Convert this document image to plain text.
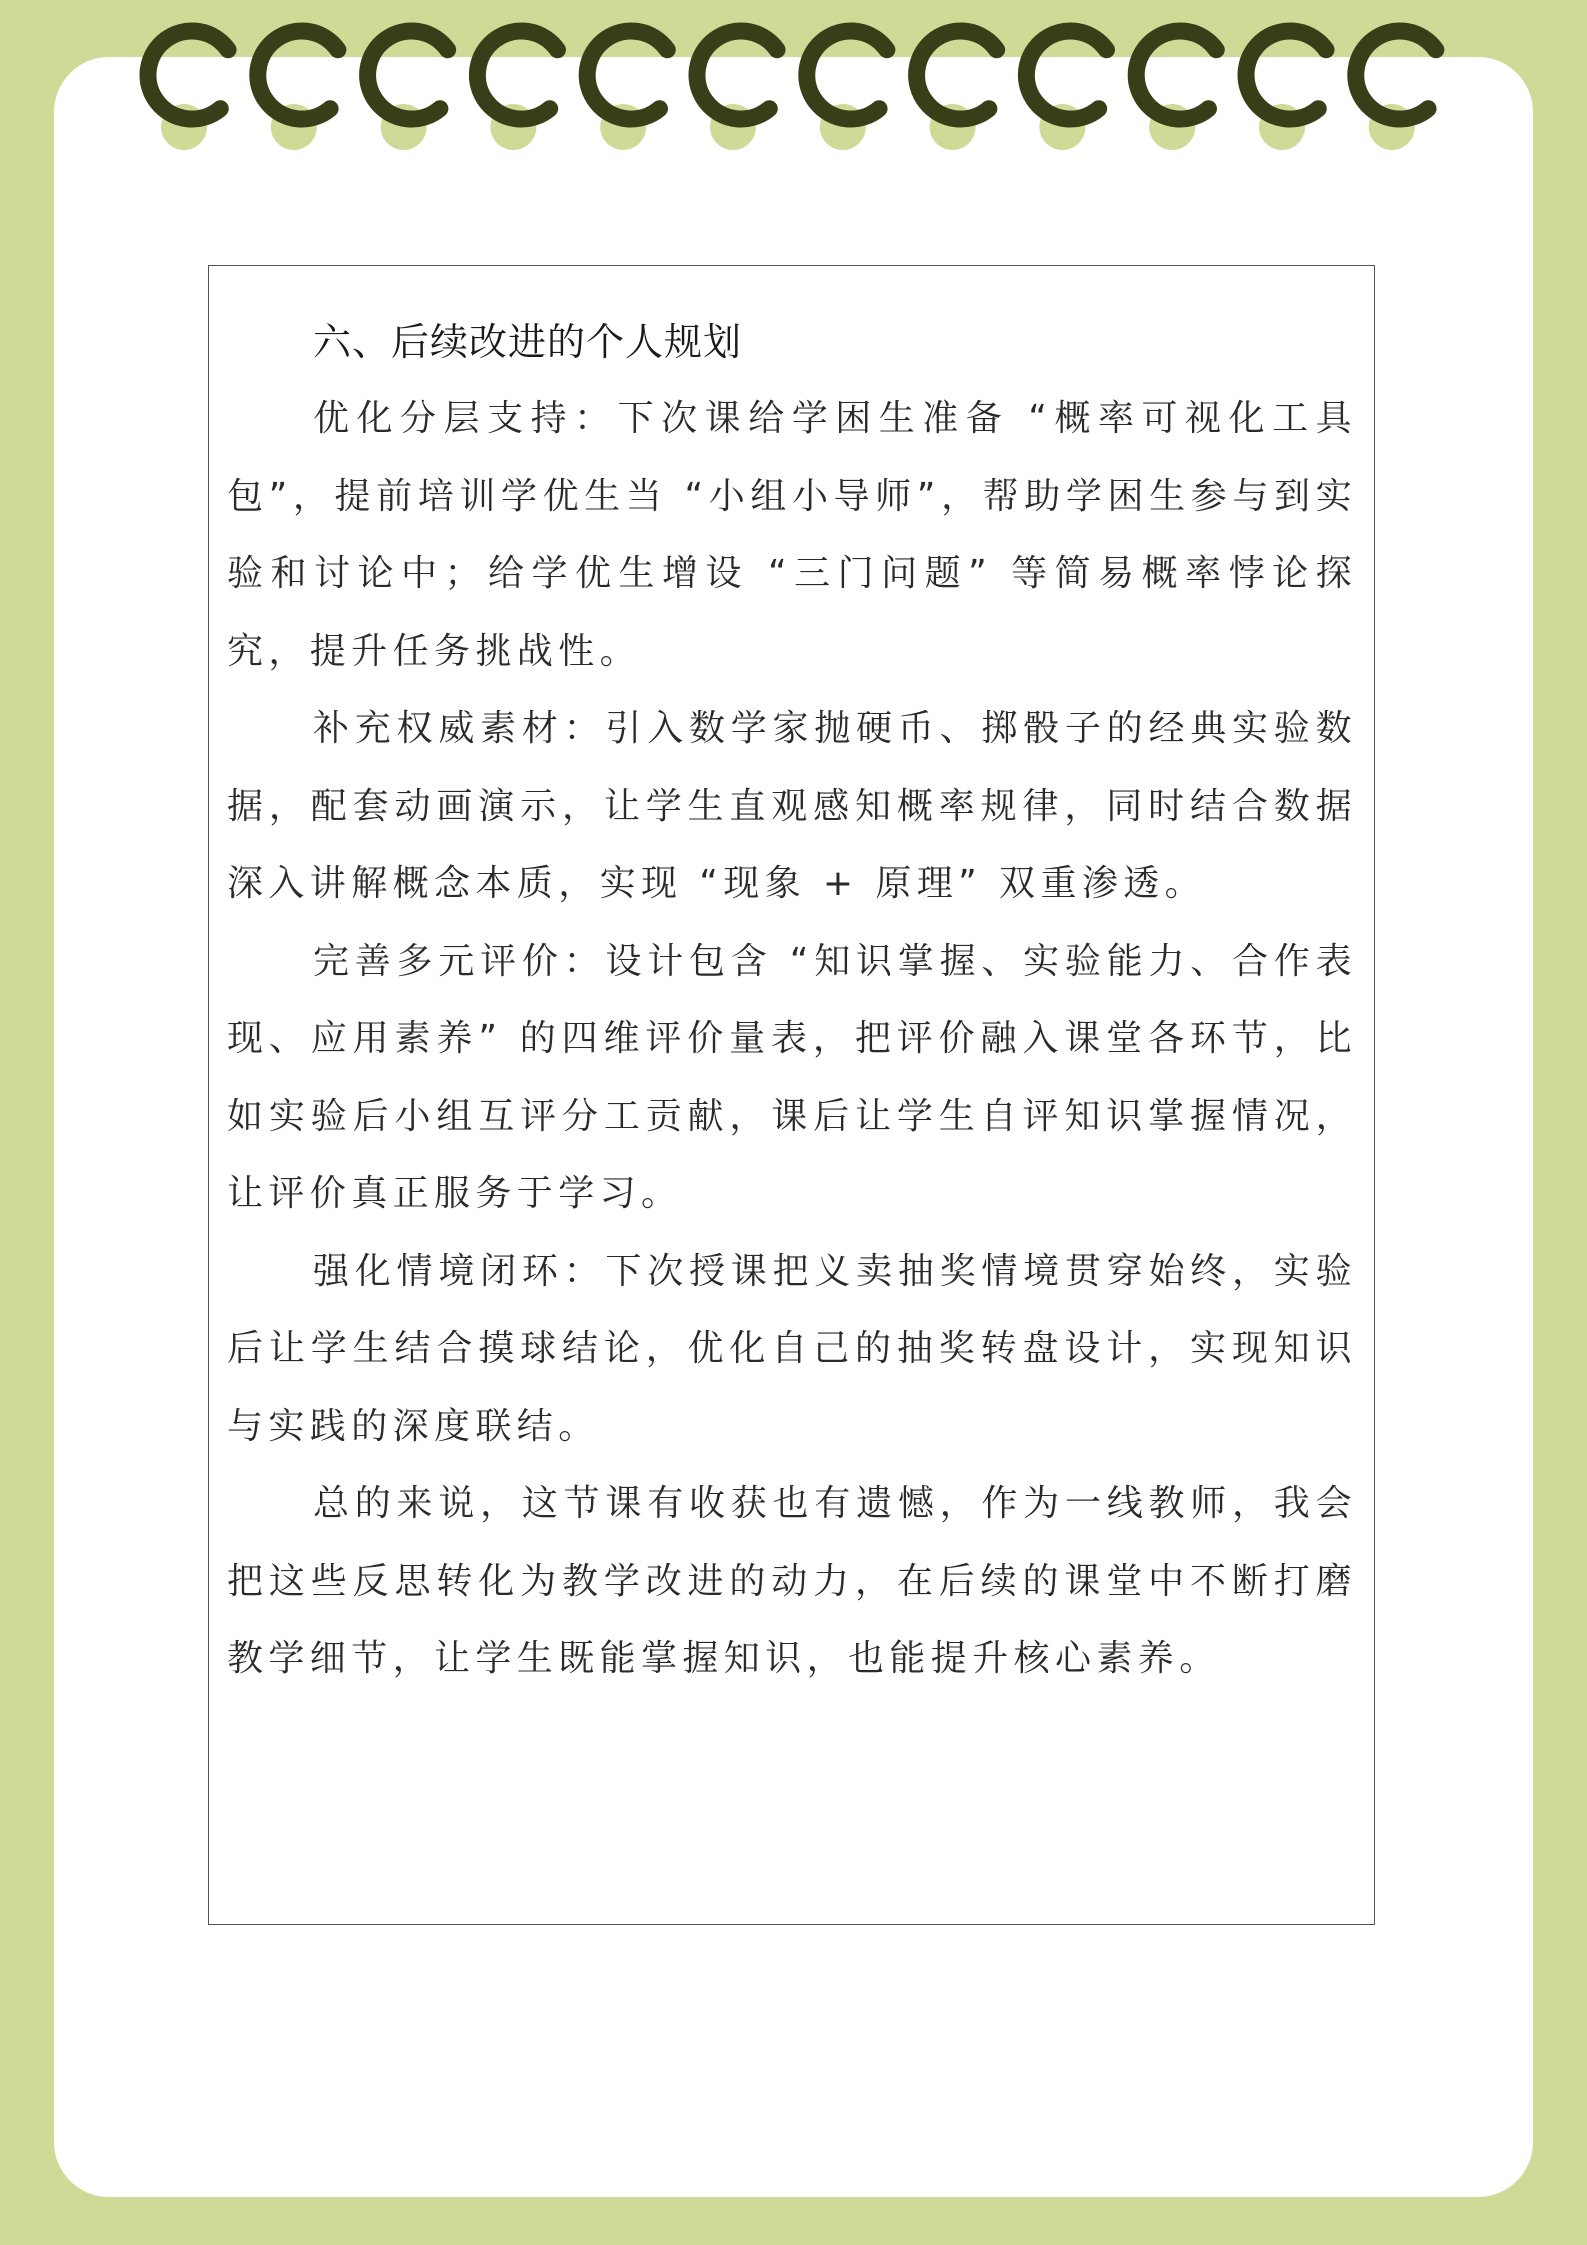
六、后续改进的个人规划

优化分层支持：下次课给学困生准备 “概率可视化工具包”，提前培训学优生当 “小组小导师”，帮助学困生参与到实验和讨论中；给学优生增设 “三门问题” 等简易概率悖论探究，提升任务挑战性。

补充权威素材：引入数学家抛硬币、掷骰子的经典实验数据，配套动画演示，让学生直观感知概率规律，同时结合数据深入讲解概念本质，实现 “现象 + 原理” 双重渗透。

完善多元评价：设计包含 “知识掌握、实验能力、合作表现、应用素养” 的四维评价量表，把评价融入课堂各环节，比如实验后小组互评分工贡献，课后让学生自评知识掌握情况，让评价真正服务于学习。

强化情境闭环：下次授课把义卖抽奖情境贯穿始终，实验后让学生结合摸球结论，优化自己的抽奖转盘设计，实现知识与实践的深度联结。

总的来说，这节课有收获也有遗憾，作为一线教师，我会把这些反思转化为教学改进的动力，在后续的课堂中不断打磨教学细节，让学生既能掌握知识，也能提升核心素养。
